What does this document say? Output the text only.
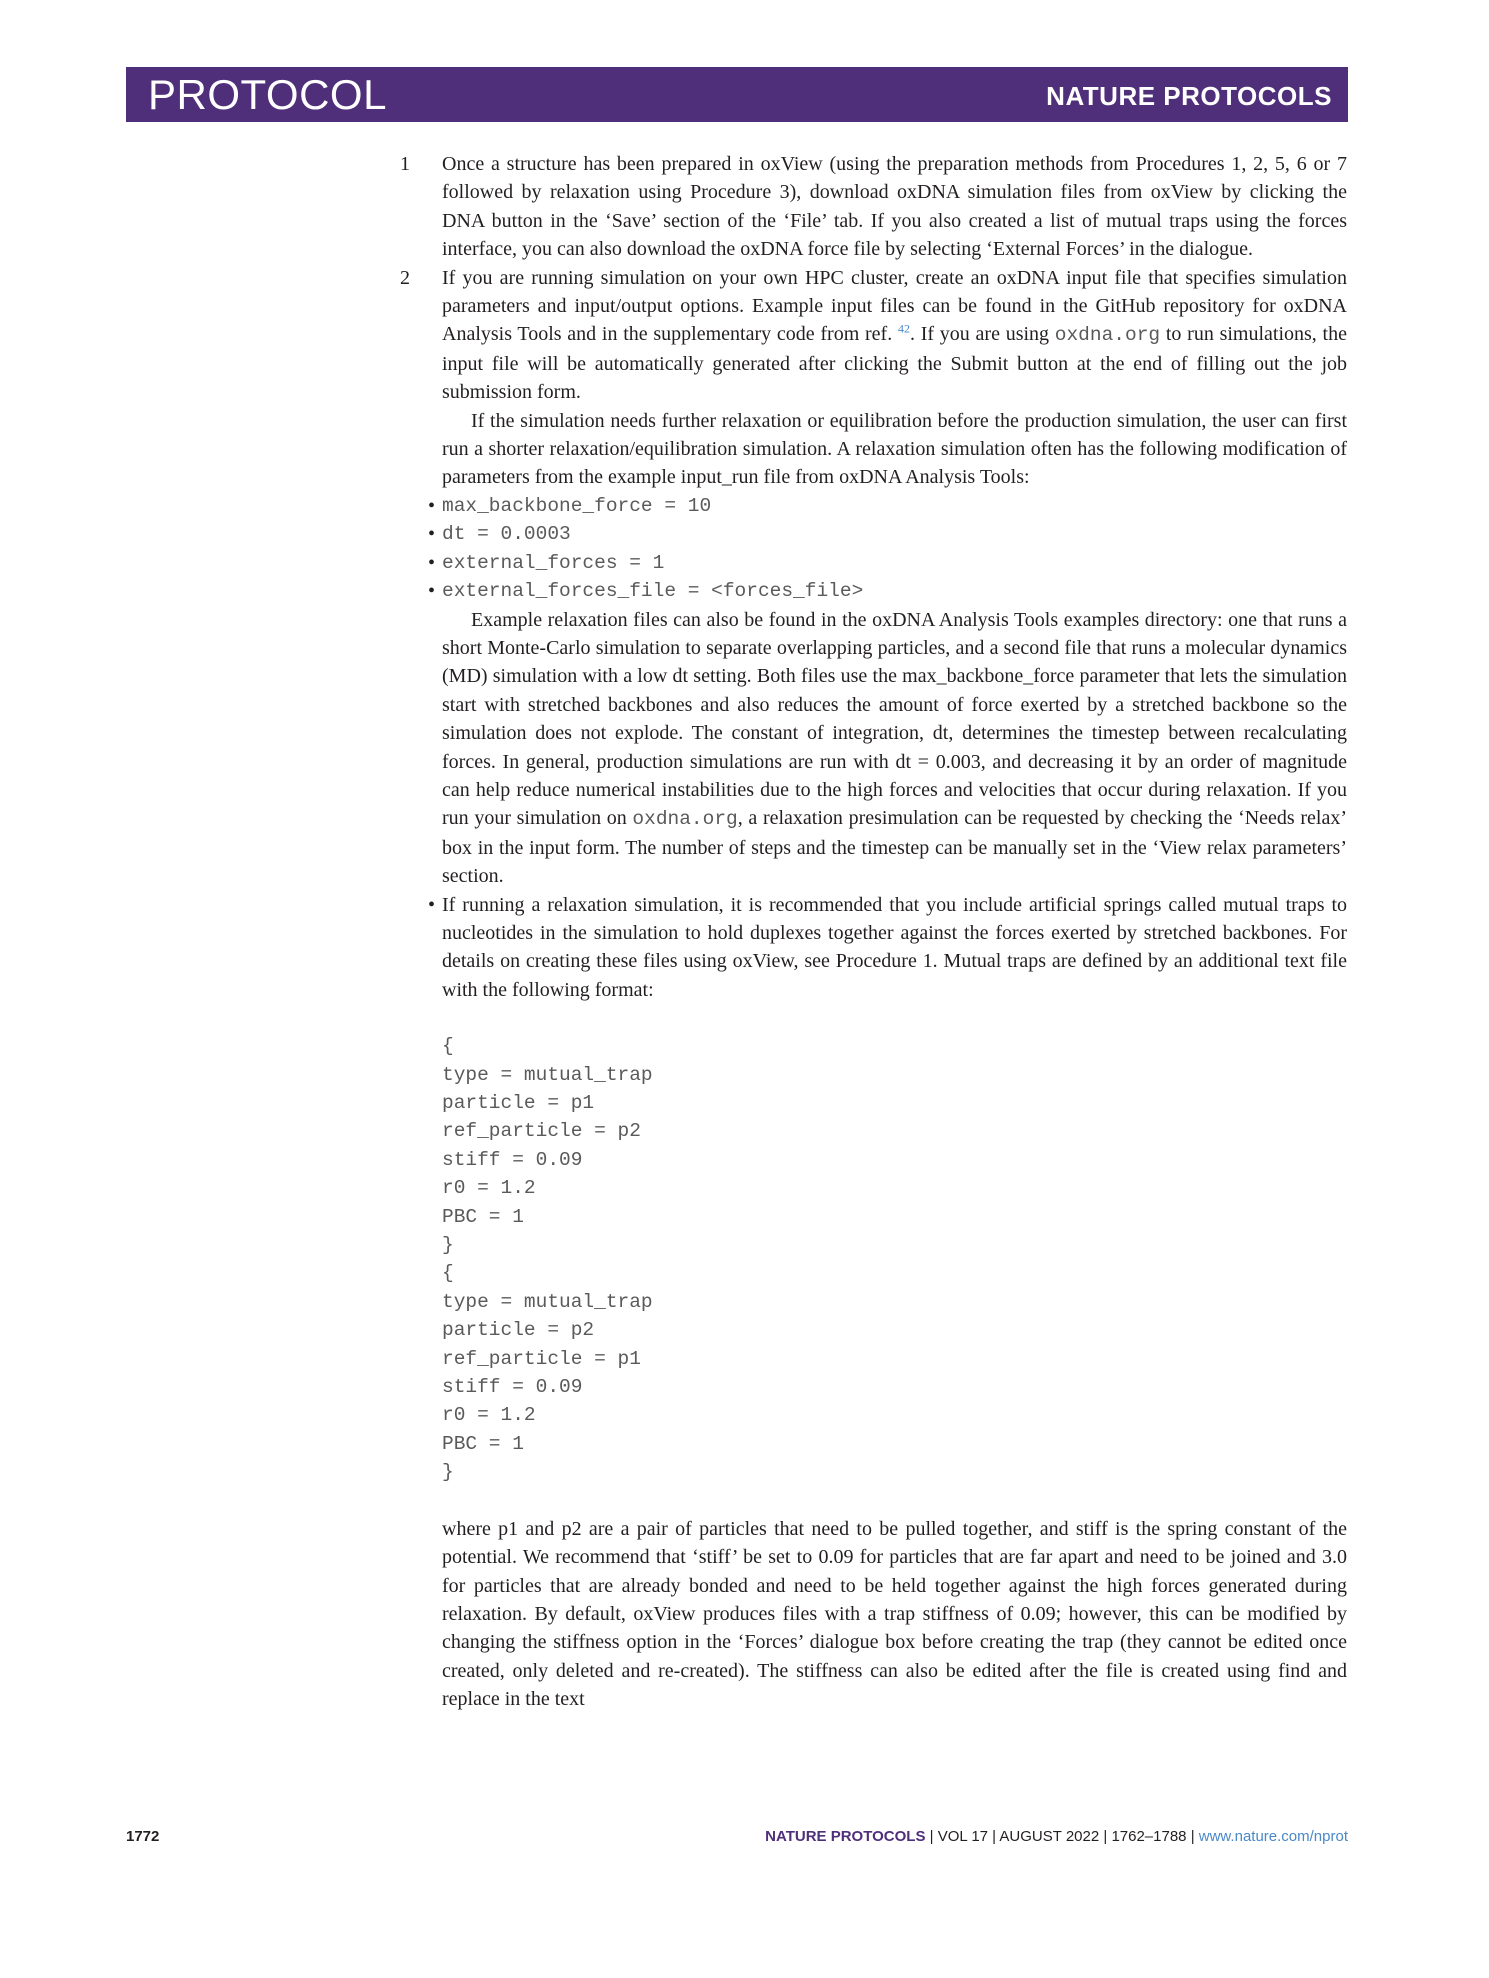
PROTOCOL	NATURE PROTOCOLS
1	Once a structure has been prepared in oxView (using the preparation methods from Procedures 1, 2, 5, 6 or 7 followed by relaxation using Procedure 3), download oxDNA simulation files from oxView by clicking the DNA button in the ‘Save’ section of the ‘File’ tab. If you also created a list of mutual traps using the forces interface, you can also download the oxDNA force file by selecting ‘External Forces’ in the dialogue.

2	If you are running simulation on your own HPC cluster, create an oxDNA input file that specifies simulation parameters and input/output options. Example input files can be found in the GitHub repository for oxDNA Analysis Tools and in the supplementary code from ref. $^{42}$. If you are using oxdna.org to run simulations, the input file will be automatically generated after clicking the Submit button at the end of filling out the job submission form.

If the simulation needs further relaxation or equilibration before the production simulation, the user can first run a shorter relaxation/equilibration simulation. A relaxation simulation often has the following modification of parameters from the example input_run file from oxDNA Analysis Tools:

• max_backbone_force = 10
• dt = 0.0003
• external_forces = 1
• external_forces_file = <forces_file>

Example relaxation files can also be found in the oxDNA Analysis Tools examples directory: one that runs a short Monte-Carlo simulation to separate overlapping particles, and a second file that runs a molecular dynamics (MD) simulation with a low dt setting. Both files use the max_backbone_force parameter that lets the simulation start with stretched backbones and also reduces the amount of force exerted by a stretched backbone so the simulation does not explode. The constant of integration, dt, determines the timestep between recalculating forces. In general, production simulations are run with dt = 0.003, and decreasing it by an order of magnitude can help reduce numerical instabilities due to the high forces and velocities that occur during relaxation. If you run your simulation on oxdna.org, a relaxation presimulation can be requested by checking the ‘Needs relax’ box in the input form. The number of steps and the timestep can be manually set in the ‘View relax parameters’ section.

• If running a relaxation simulation, it is recommended that you include artificial springs called mutual traps to nucleotides in the simulation to hold duplexes together against the forces exerted by stretched backbones. For details on creating these files using oxView, see Procedure 1. Mutual traps are defined by an additional text file with the following format:
{
type = mutual_trap
particle = p1
ref_particle = p2
stiff = 0.09
r0 = 1.2
PBC = 1
}
{
type = mutual_trap
particle = p2
ref_particle = p1
stiff = 0.09
r0 = 1.2
PBC = 1
}

where p1 and p2 are a pair of particles that need to be pulled together, and stiff is the spring constant of the potential. We recommend that ‘stiff’ be set to 0.09 for particles that are far apart and need to be joined and 3.0 for particles that are already bonded and need to be held together against the high forces generated during relaxation. By default, oxView produces files with a trap stiffness of 0.09; however, this can be modified by changing the stiffness option in the ‘Forces’ dialogue box before creating the trap (they cannot be edited once created, only deleted and re-created). The stiffness can also be edited after the file is created using find and replace in the text

1772	NATURE PROTOCOLS | VOL 17 | AUGUST 2022 | 1762–1788 | www.nature.com/nprot
